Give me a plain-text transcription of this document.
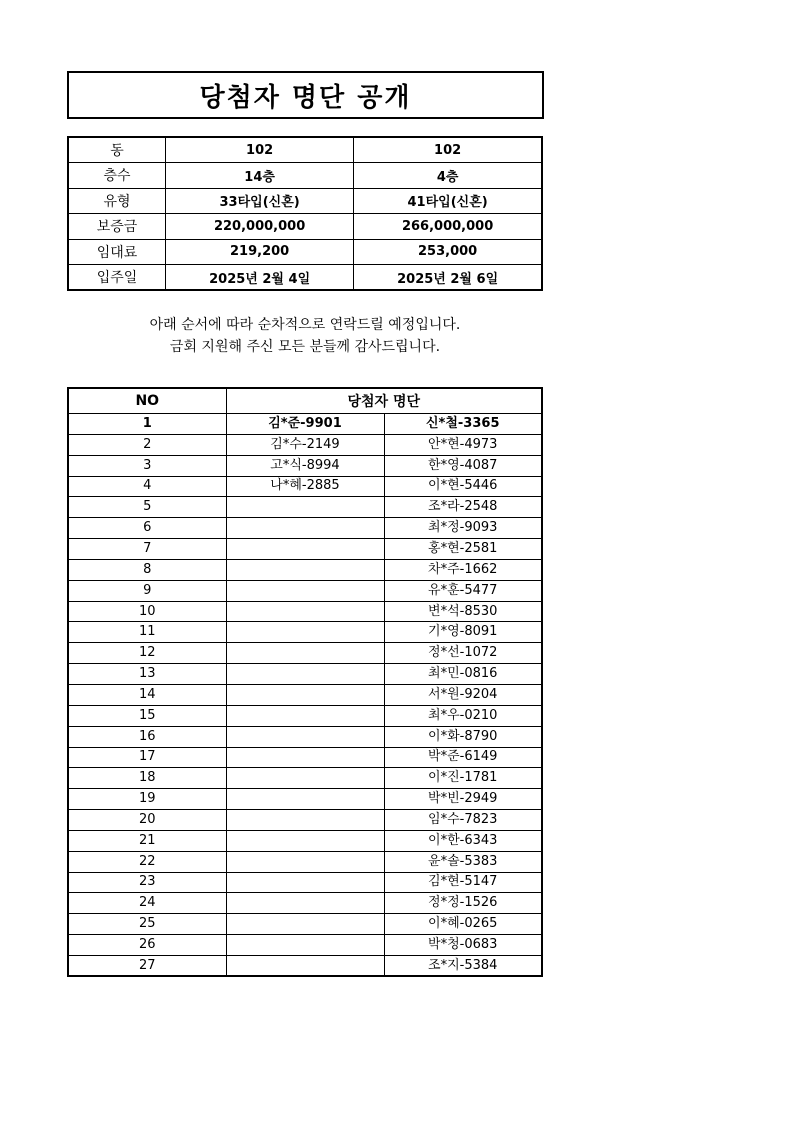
당첨자 명단 공개
동	102	102
층수	14층	4층
유형	33타입(신혼)	41타입(신혼)
보증금	220,000,000	266,000,000
임대료	219,200	253,000
입주일	2025년 2월 4일	2025년 2월 6일
아래 순서에 따라 순차적으로 연락드릴 예정입니다.
금회 지원해 주신 모든 분들께 감사드립니다.
NO	당첨자 명단	
1	김*준-9901	신*철-3365
2	김*수-2149	안*현-4973
3	고*식-8994	한*영-4087
4	나*혜-2885	이*현-5446
5		조*라-2548
6		최*정-9093
7		홍*현-2581
8		차*주-1662
9		유*훈-5477
10		변*석-8530
11		기*영-8091
12		정*선-1072
13		최*민-0816
14		서*원-9204
15		최*우-0210
16		이*화-8790
17		박*준-6149
18		이*진-1781
19		박*빈-2949
20		임*수-7823
21		이*한-6343
22		윤*솔-5383
23		김*현-5147
24		정*정-1526
25		이*혜-0265
26		박*청-0683
27		조*지-5384
